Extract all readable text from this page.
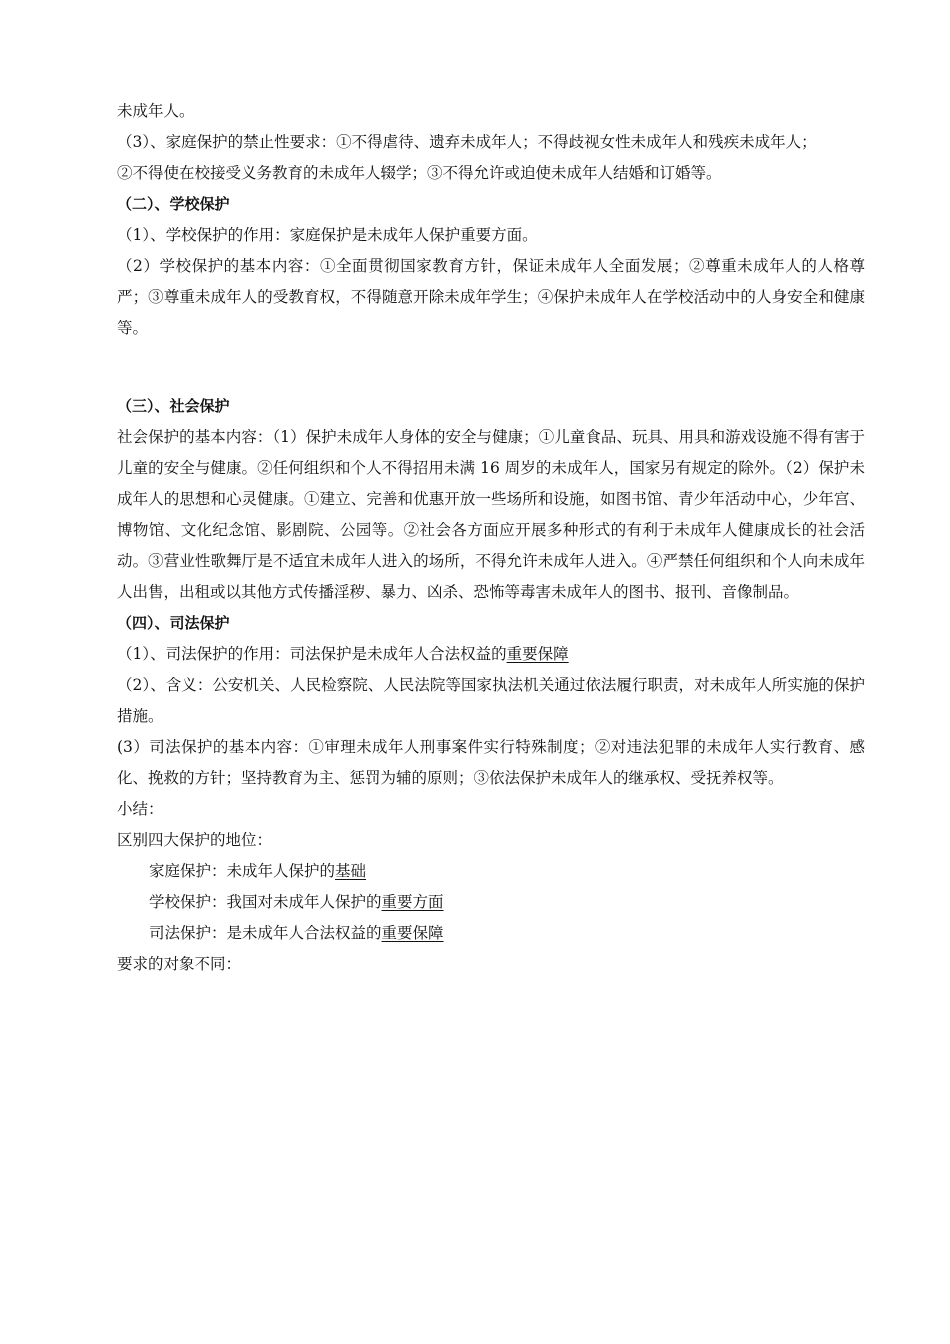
未成年人。
（3）、家庭保护的禁止性要求：①不得虐待、遗弃未成年人；不得歧视女性未成年人和残疾未成年人；
②不得使在校接受义务教育的未成年人辍学；③不得允许或迫使未成年人结婚和订婚等。
（二）、学校保护
（1）、学校保护的作用：家庭保护是未成年人保护重要方面。
（2）学校保护的基本内容：①全面贯彻国家教育方针，保证未成年人全面发展；②尊重未成年人的人格尊严；③尊重未成年人的受教育权，不得随意开除未成年学生；④保护未成年人在学校活动中的人身安全和健康等。
（三）、社会保护
社会保护的基本内容：（1）保护未成年人身体的安全与健康；①儿童食品、玩具、用具和游戏设施不得有害于儿童的安全与健康。②任何组织和个人不得招用未满 16 周岁的未成年人，国家另有规定的除外。（2）保护未成年人的思想和心灵健康。①建立、完善和优惠开放一些场所和设施，如图书馆、青少年活动中心，少年宫、博物馆、文化纪念馆、影剧院、公园等。②社会各方面应开展多种形式的有利于未成年人健康成长的社会活动。③营业性歌舞厅是不适宜未成年人进入的场所，不得允许未成年人进入。④严禁任何组织和个人向未成年人出售，出租或以其他方式传播淫秽、暴力、凶杀、恐怖等毒害未成年人的图书、报刊、音像制品。
（四）、司法保护
（1）、司法保护的作用：司法保护是未成年人合法权益的重要保障
（2）、含义：公安机关、人民检察院、人民法院等国家执法机关通过依法履行职责，对未成年人所实施的保护措施。
(3）司法保护的基本内容：①审理未成年人刑事案件实行特殊制度；②对违法犯罪的未成年人实行教育、感化、挽救的方针；坚持教育为主、惩罚为辅的原则；③依法保护未成年人的继承权、受抚养权等。
小结：
区别四大保护的地位：
家庭保护：未成年人保护的基础
学校保护：我国对未成年人保护的重要方面
司法保护：是未成年人合法权益的重要保障
要求的对象不同：
